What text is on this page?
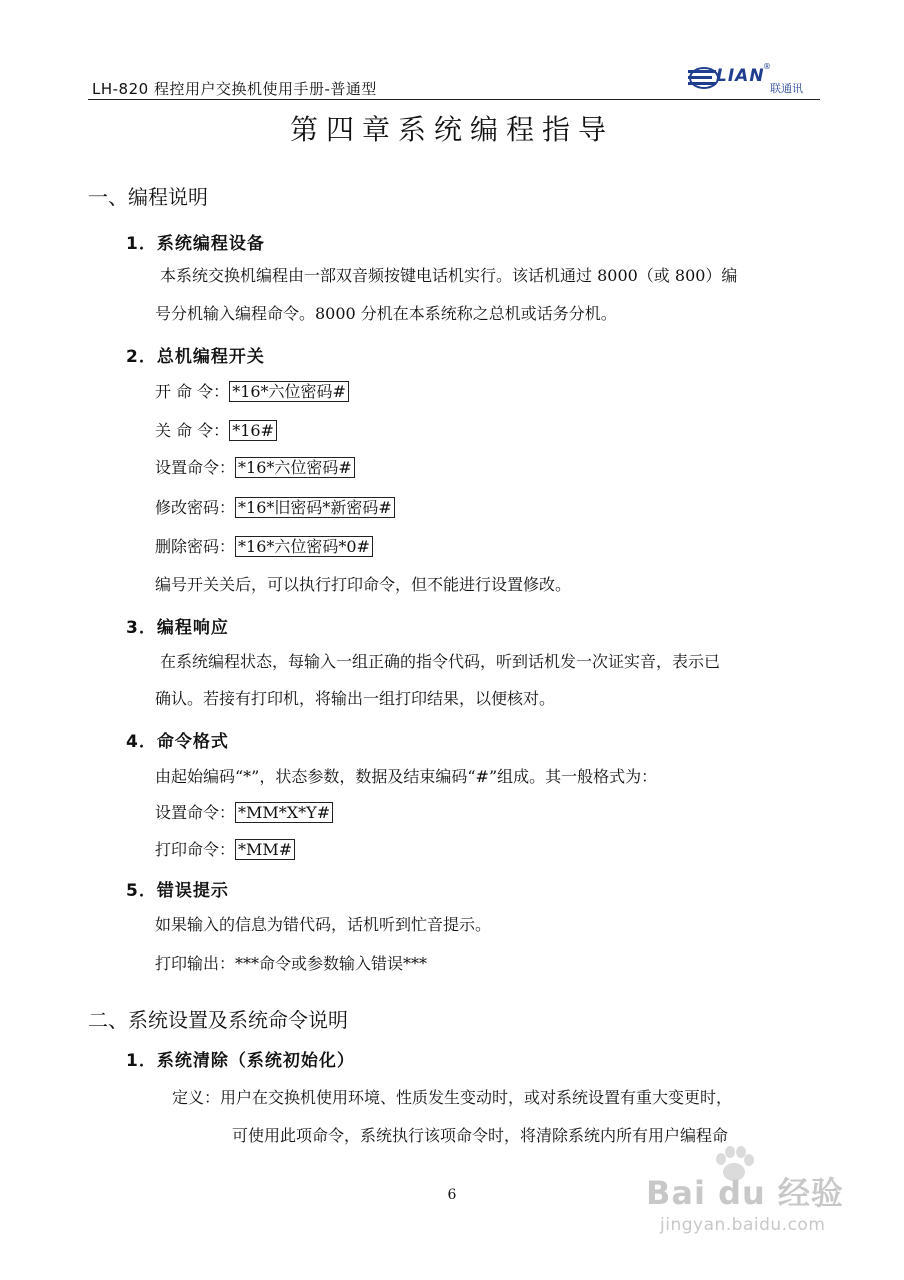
LH-820 程控用户交换机使用手册-普通型
LIAN
®
联通讯
第四章系统编程指导
一、编程说明
1．系统编程设备
本系统交换机编程由一部双音频按键电话机实行。该话机通过 8000（或 800）编
号分机输入编程命令。8000 分机在本系统称之总机或话务分机。
2．总机编程开关
开 命 令： *16*六位密码#
关 命 令： *16#
设置命令： *16*六位密码#
修改密码： *16*旧密码*新密码#
删除密码： *16*六位密码*0#
编号开关关后，可以执行打印命令，但不能进行设置修改。
3．编程响应
在系统编程状态，每输入一组正确的指令代码，听到话机发一次证实音，表示已
确认。若接有打印机，将输出一组打印结果，以便核对。
4．命令格式
由起始编码“*”，状态参数，数据及结束编码“#”组成。其一般格式为：
设置命令： *MM*X*Y#
打印命令： *MM#
5．错误提示
如果输入的信息为错代码，话机听到忙音提示。
打印输出：***命令或参数输入错误***
二、系统设置及系统命令说明
1．系统清除（系统初始化）
定义：用户在交换机使用环境、性质发生变动时，或对系统设置有重大变更时，
可使用此项命令，系统执行该项命令时，将清除系统内所有用户编程命
6	Bai du 经验
jingyan.baidu.com
